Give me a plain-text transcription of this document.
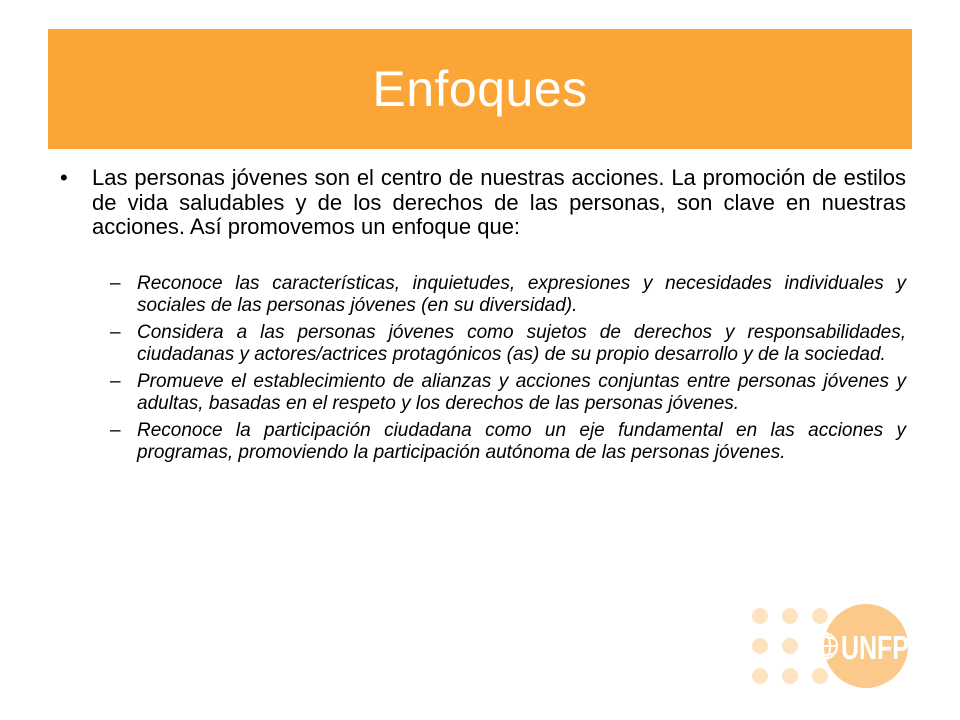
Enfoques
• Las personas jóvenes son el centro de nuestras acciones. La promoción de estilos de vida saludables y de los derechos de las personas, son clave en nuestras acciones. Así promovemos un enfoque que:
– Reconoce las características, inquietudes, expresiones y necesidades individuales y sociales de las personas jóvenes (en su diversidad).
– Considera a las personas jóvenes como sujetos de derechos y responsabilidades, ciudadanas y actores/actrices protagónicos (as) de su propio desarrollo y de la sociedad.
– Promueve el establecimiento de alianzas y acciones conjuntas entre personas jóvenes y adultas, basadas en el respeto y los derechos de las personas jóvenes.
– Reconoce la participación ciudadana como un eje fundamental en las acciones y programas, promoviendo la participación autónoma de las personas jóvenes.
UNFPA
